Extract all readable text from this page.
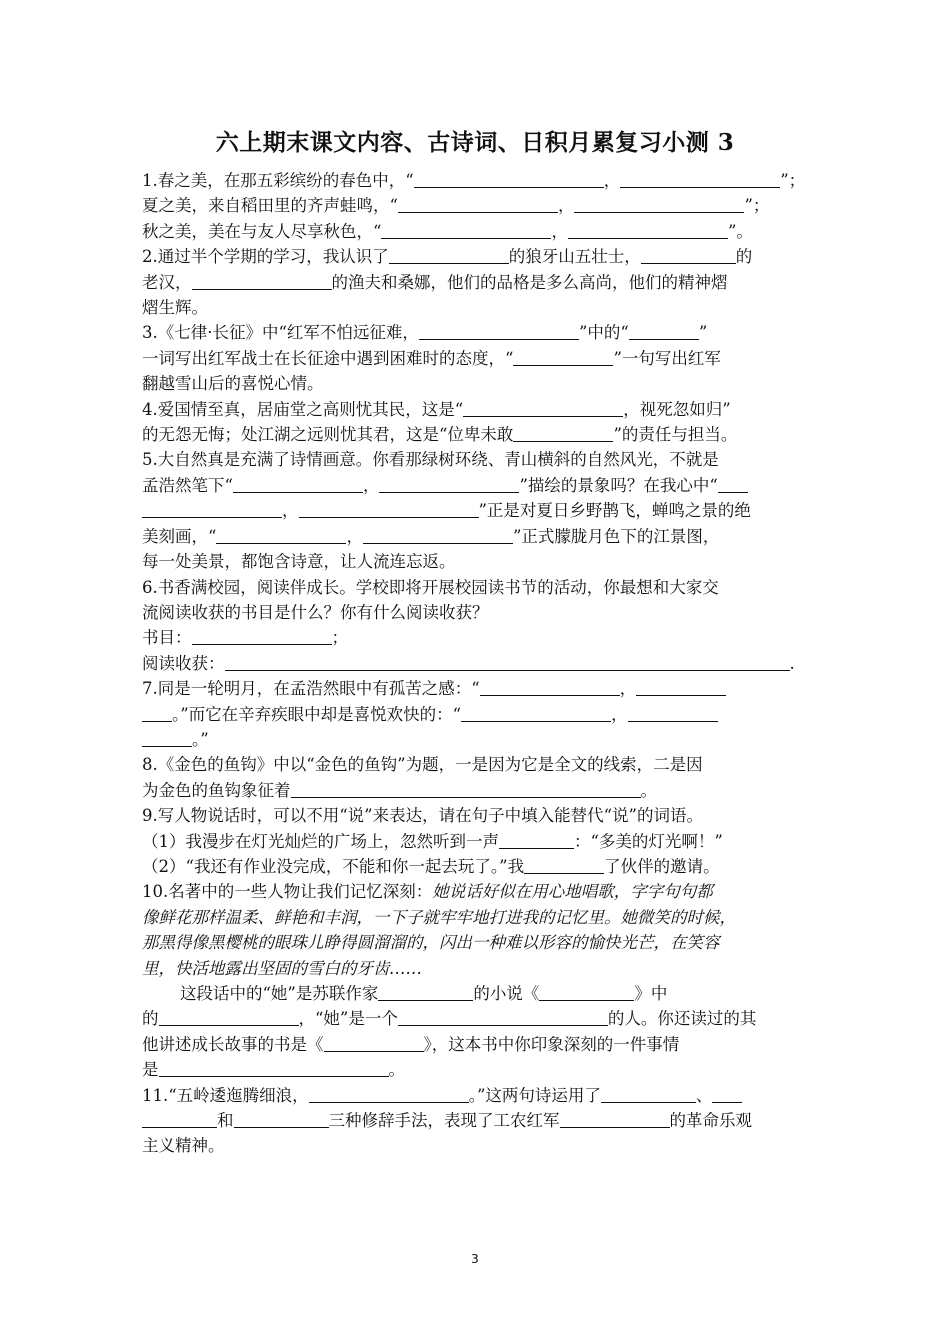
六上期末课文内容、古诗词、日积月累复习小测 3

1.春之美，在那五彩缤纷的春色中，“	，	”；

夏之美，来自稻田里的齐声蛙鸣，“	，	”；

秋之美，美在与友人尽享秋色，“	，	”。

2.通过半个学期的学习，我认识了	的狼牙山五壮士，	的

老汉，	的渔夫和桑娜，他们的品格是多么高尚，他们的精神熠

熠生辉。

3.《七律·长征》中“红军不怕远征难，	”中的“	”

一词写出红军战士在长征途中遇到困难时的态度，“	”一句写出红军

翻越雪山后的喜悦心情。

4.爱国情至真，居庙堂之高则忧其民，这是“	，视死忽如归”

的无怨无悔；处江湖之远则忧其君，这是“位卑未敢	”的责任与担当。

5.大自然真是充满了诗情画意。你看那绿树环绕、青山横斜的自然风光，不就是

孟浩然笔下“	，	”描绘的景象吗？在我心中“

，	”正是对夏日乡野鹊飞，蝉鸣之景的绝

美刻画，“	，	”正式朦胧月色下的江景图，

每一处美景，都饱含诗意，让人流连忘返。

6.书香满校园，阅读伴成长。学校即将开展校园读书节的活动，你最想和大家交

流阅读收获的书目是什么？你有什么阅读收获？

书目：	；

阅读收获：	.

7.同是一轮明月，在孟浩然眼中有孤苦之感：“	，

。”而它在辛弃疾眼中却是喜悦欢快的：“	，

。”

8.《金色的鱼钩》中以“金色的鱼钩”为题，一是因为它是全文的线索，二是因

为金色的鱼钩象征着	。

9.写人物说话时，可以不用“说”来表达，请在句子中填入能替代“说”的词语。

（1）我漫步在灯光灿烂的广场上，忽然听到一声	：“多美的灯光啊！”

（2）“我还有作业没完成，不能和你一起去玩了。”我	了伙伴的邀请。

10.名著中的一些人物让我们记忆深刻：她说话好似在用心地唱歌，字字句句都

像鲜花那样温柔、鲜艳和丰润，一下子就牢牢地打进我的记忆里。她微笑的时候，

那黑得像黑樱桃的眼珠儿睁得圆溜溜的，闪出一种难以形容的愉快光芒，在笑容

里，快活地露出坚固的雪白的牙齿……

这段话中的“她”是苏联作家	的小说《	》中

的	，“她”是一个	的人。你还读过的其

他讲述成长故事的书是《	》，这本书中你印象深刻的一件事情

是	。

11.“五岭逶迤腾细浪，	。”这两句诗运用了	、

和	三种修辞手法，表现了工农红军	的革命乐观

主义精神。

3
